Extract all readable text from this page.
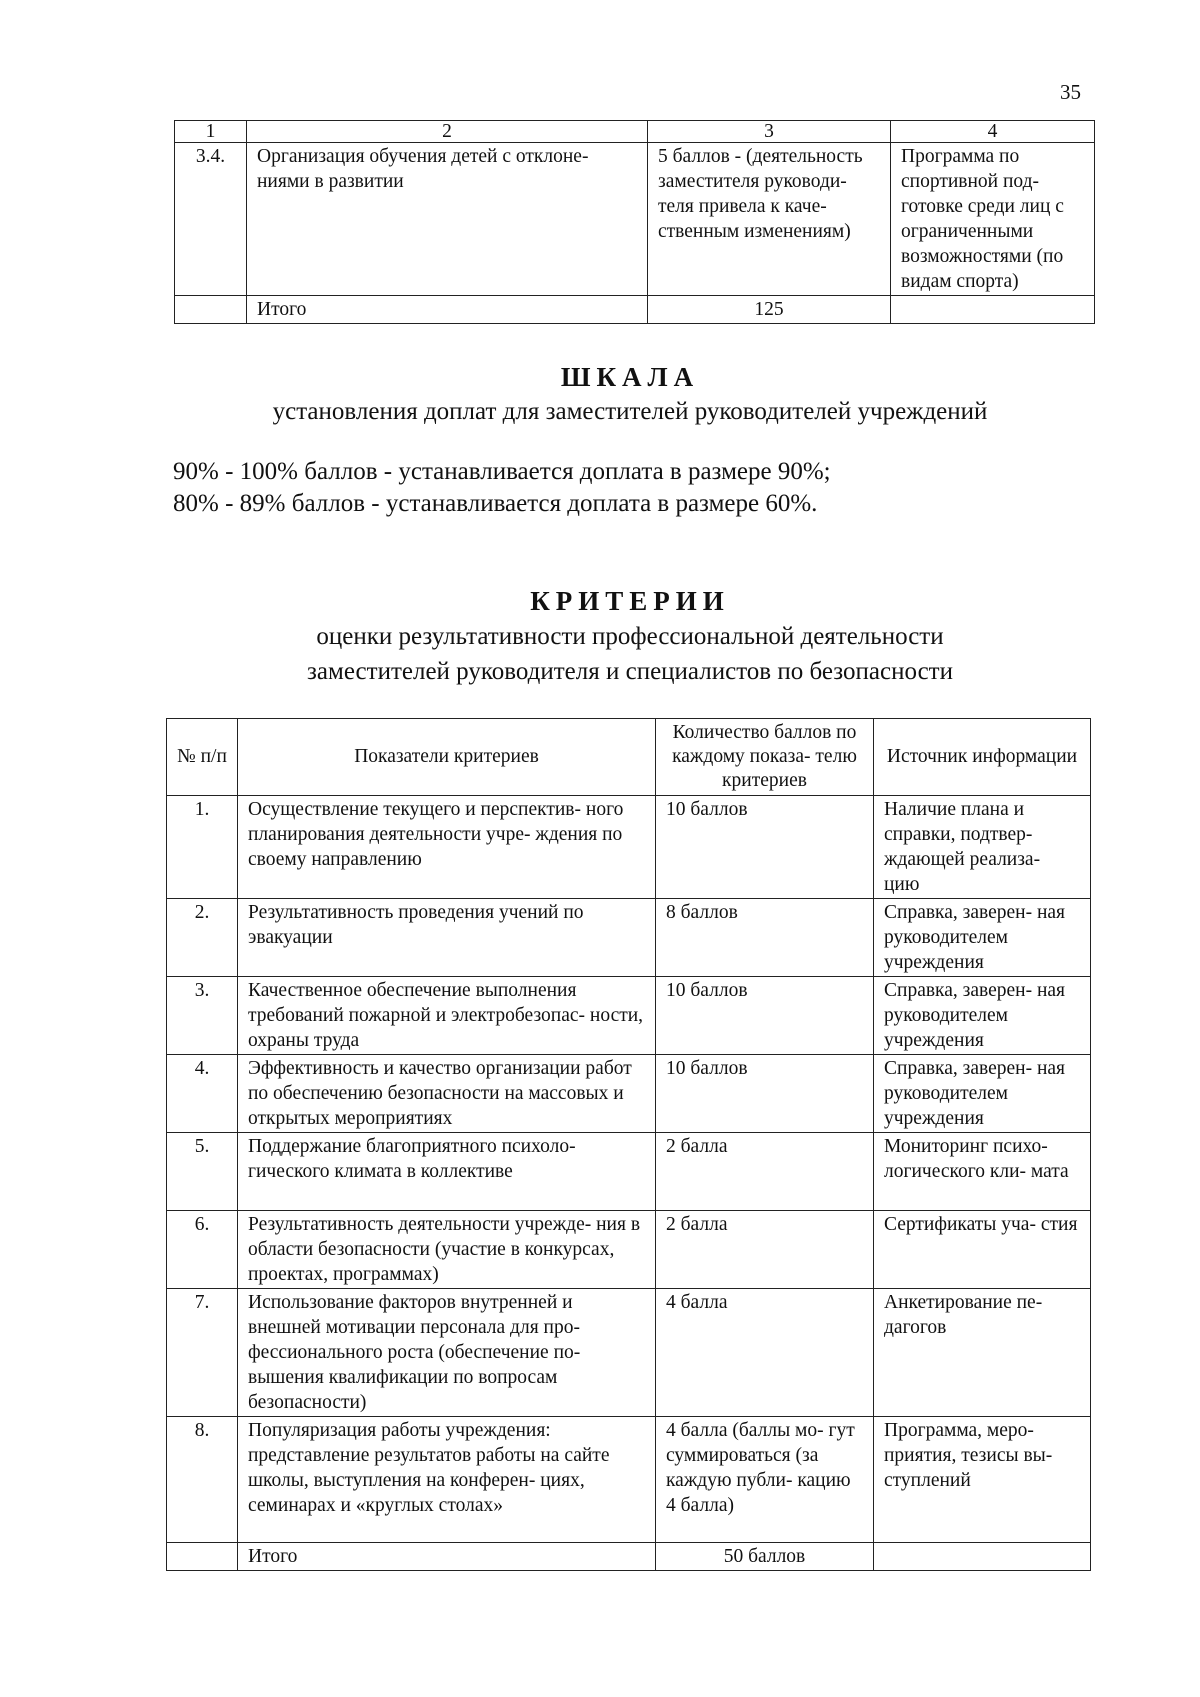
35
1	2	3	4
3.4.	Организация обучения детей с отклоне- ниями в развитии	5 баллов - (деятельность заместителя руководи- теля привела к каче- ственным изменениям)	Программа по спортивной под- готовке среди лиц с ограниченными возможностями (по видам спорта)
	Итого	125	
ШКАЛА
установления доплат для заместителей руководителей учреждений
90% - 100% баллов - устанавливается доплата в размере 90%;
80% - 89% баллов - устанавливается доплата в размере 60%.
КРИТЕРИИ
оценки результативности профессиональной деятельности
заместителей руководителя и специалистов по безопасности
№ п/п	Показатели критериев	Количество баллов по каждому показа- телю критериев	Источник информации
1.	Осуществление текущего и перспектив- ного планирования деятельности учре- ждения по своему направлению	10 баллов	Наличие плана и справки, подтвер- ждающей реализа- цию
2.	Результативность проведения учений по эвакуации	8 баллов	Справка, заверен- ная руководителем учреждения
3.	Качественное обеспечение выполнения требований пожарной и электробезопас- ности, охраны труда	10 баллов	Справка, заверен- ная руководителем учреждения
4.	Эффективность и качество организации работ по обеспечению безопасности на массовых и открытых мероприятиях	10 баллов	Справка, заверен- ная руководителем учреждения
5.	Поддержание благоприятного психоло- гического климата в коллективе	2 балла	Мониторинг психо- логического кли- мата
6.	Результативность деятельности учрежде- ния в области безопасности (участие в конкурсах, проектах, программах)	2 балла	Сертификаты уча- стия
7.	Использование факторов внутренней и внешней мотивации персонала для про- фессионального роста (обеспечение по- вышения квалификации по вопросам безопасности)	4 балла	Анкетирование пе- дагогов
8.	Популяризация работы учреждения: представление результатов работы на сайте школы, выступления на конферен- циях, семинарах и «круглых столах»	4 балла (баллы мо- гут суммироваться (за каждую публи- кацию 4 балла)	Программа, меро- приятия, тезисы вы- ступлений
	Итого	50 баллов	
